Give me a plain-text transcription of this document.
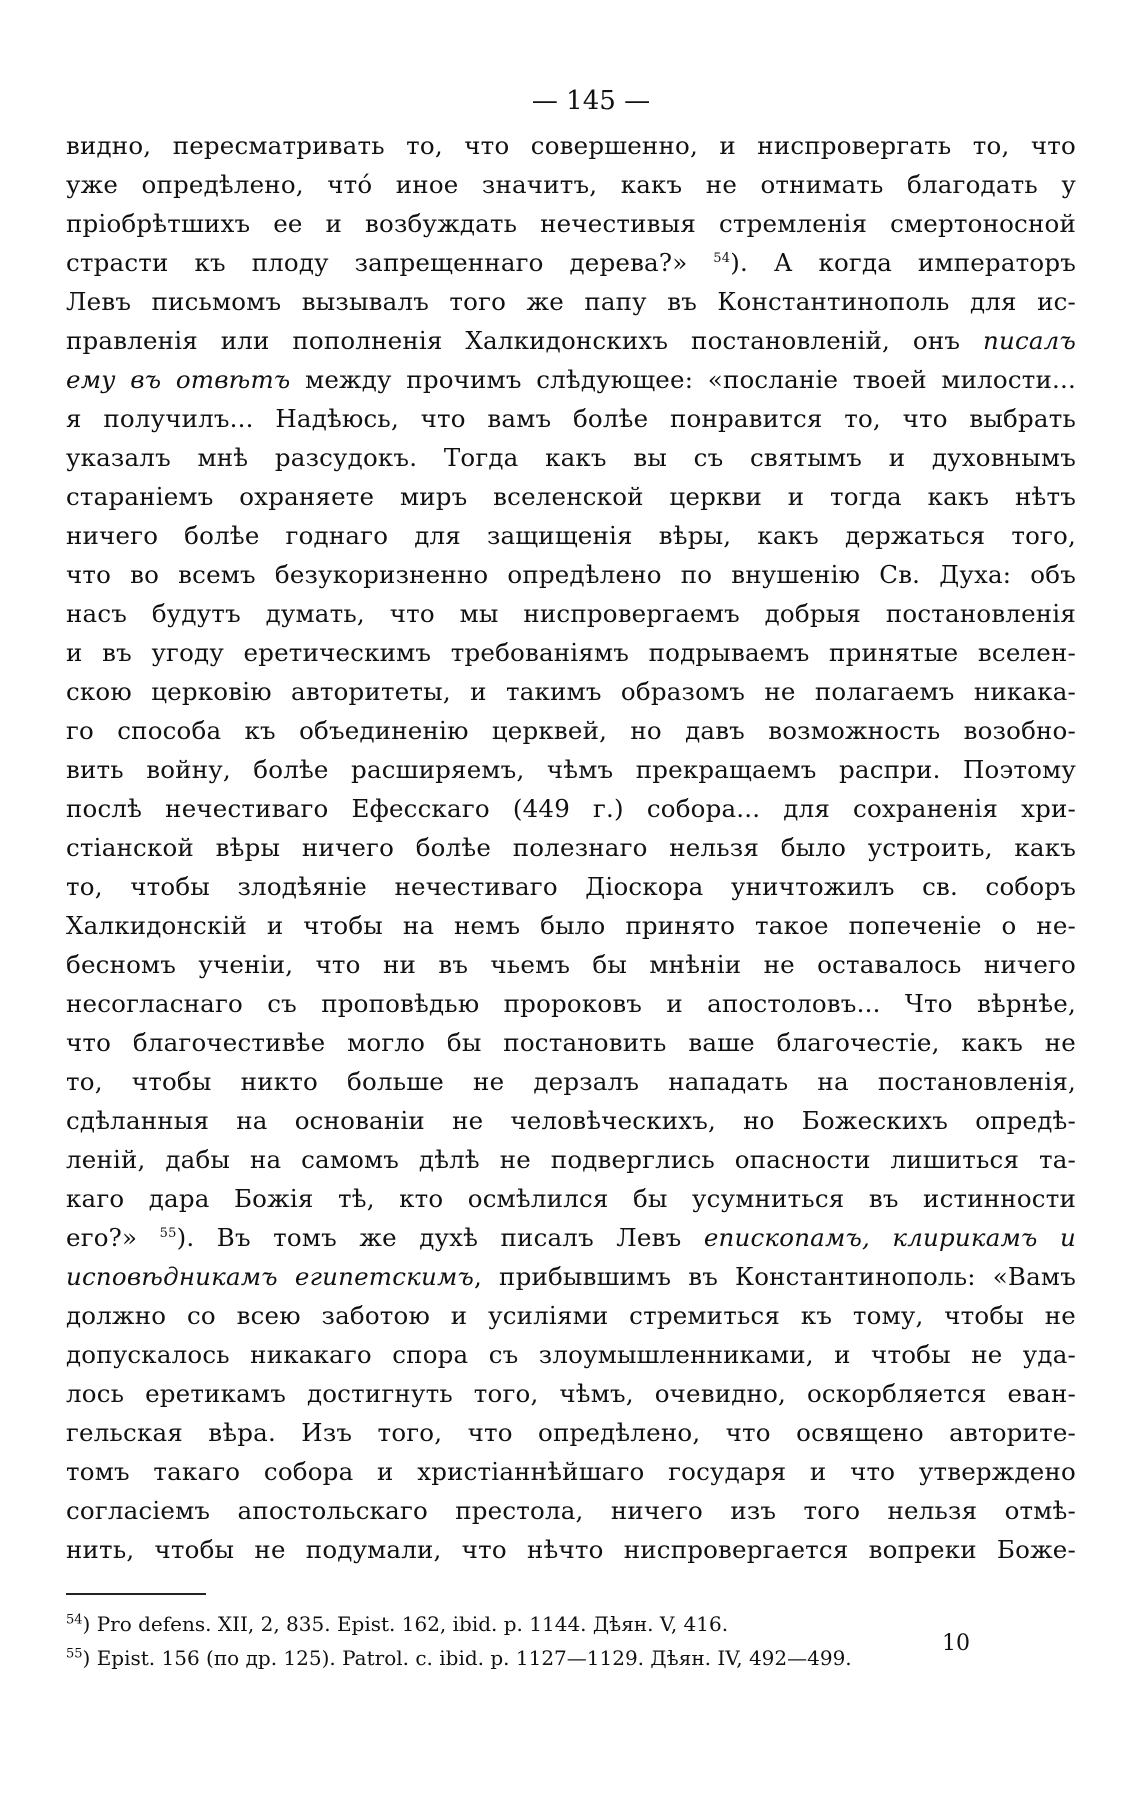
— 145 —
видно, пересматривать то, что совершенно, и ниспровергать то, что
уже опредѣлено, чтó иное значитъ, какъ не отнимать благодать у
пріобрѣтшихъ ее и возбуждать нечестивыя стремленія смертоносной
страсти къ плоду запрещеннаго дерева?» $^{54}$). А когда императоръ
Левъ письмомъ вызывалъ того же папу въ Константинополь для ис-
правленія или пополненія Халкидонскихъ постановленій, онъ писалъ
ему въ отвѣтъ между прочимъ слѣдующее: «посланіе твоей милости...
я получилъ... Надѣюсь, что вамъ болѣе понравится то, что выбрать
указалъ мнѣ разсудокъ. Тогда какъ вы съ святымъ и духовнымъ
стараніемъ охраняете миръ вселенской церкви и тогда какъ нѣтъ
ничего болѣе годнаго для защищенія вѣры, какъ держаться того,
что во всемъ безукоризненно опредѣлено по внушенію Св. Духа: объ
насъ будутъ думать, что мы ниспровергаемъ добрыя постановленія
и въ угоду еретическимъ требованіямъ подрываемъ принятые вселен-
скою церковію авторитеты, и такимъ образомъ не полагаемъ никака-
го способа къ объединенію церквей, но давъ возможность возобно-
вить войну, болѣе расширяемъ, чѣмъ прекращаемъ распри. Поэтому
послѣ нечестиваго Ефесскаго (449 г.) собора... для сохраненія хри-
стіанской вѣры ничего болѣе полезнаго нельзя было устроить, какъ
то, чтобы злодѣяніе нечестиваго Діоскора уничтожилъ св. соборъ
Халкидонскій и чтобы на немъ было принято такое попеченіе о не-
бесномъ ученіи, что ни въ чьемъ бы мнѣніи не оставалось ничего
несогласнаго съ проповѣдью пророковъ и апостоловъ... Что вѣрнѣе,
что благочестивѣе могло бы постановить ваше благочестіе, какъ не
то, чтобы никто больше не дерзалъ нападать на постановленія,
сдѣланныя на основаніи не человѣческихъ, но Божескихъ опредѣ-
леній, дабы на самомъ дѣлѣ не подверглись опасности лишиться та-
каго дара Божія тѣ, кто осмѣлился бы усумниться въ истинности
его?» $^{55}$). Въ томъ же духѣ писалъ Левъ епископамъ, клирикамъ и
исповѣдникамъ египетскимъ, прибывшимъ въ Константинополь: «Вамъ
должно со всею заботою и усиліями стремиться къ тому, чтобы не
допускалось никакаго спора съ злоумышленниками, и чтобы не уда-
лось еретикамъ достигнуть того, чѣмъ, очевидно, оскорбляется еван-
гельская вѣра. Изъ того, что опредѣлено, что освящено авторите-
томъ такаго собора и христіаннѣйшаго государя и что утверждено
согласіемъ апостольскаго престола, ничего изъ того нельзя отмѣ-
нить, чтобы не подумали, что нѣчто ниспровергается вопреки Боже-
$^{54}$) Pro defens. XII, 2, 835. Epist. 162, ibid. p. 1144. Дѣян. V, 416.
$^{55}$) Epist. 156 (по др. 125). Patrol. c. ibid. p. 1127—1129. Дѣян. IV, 492—499.
10
